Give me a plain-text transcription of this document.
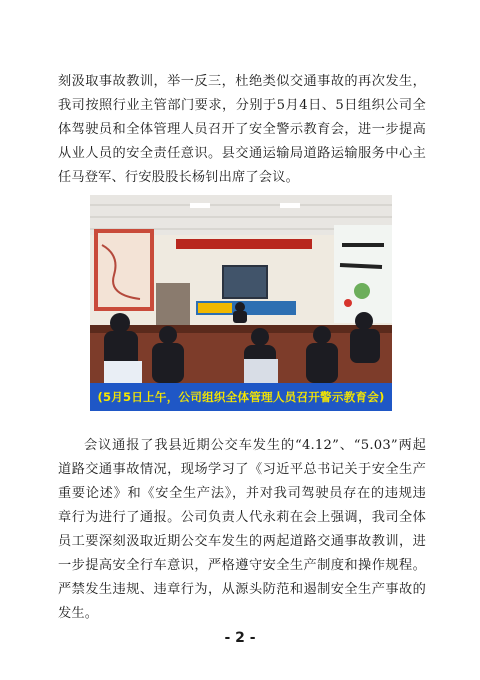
刻汲取事故教训，举一反三，杜绝类似交通事故的再次发生，我司按照行业主管部门要求，分别于5月4日、5日组织公司全体驾驶员和全体管理人员召开了安全警示教育会，进一步提高从业人员的安全责任意识。县交通运输局道路运输服务中心主任马登军、行安股股长杨钊出席了会议。

(5月5日上午，公司组织全体管理人员召开警示教育会)

会议通报了我县近期公交车发生的“4.12”、“5.03”两起道路交通事故情况，现场学习了《习近平总书记关于安全生产重要论述》和《安全生产法》，并对我司驾驶员存在的违规违章行为进行了通报。公司负责人代永莉在会上强调，我司全体员工要深刻汲取近期公交车发生的两起道路交通事故教训，进一步提高安全行车意识，严格遵守安全生产制度和操作规程。严禁发生违规、违章行为，从源头防范和遏制安全生产事故的发生。

- 2 -
